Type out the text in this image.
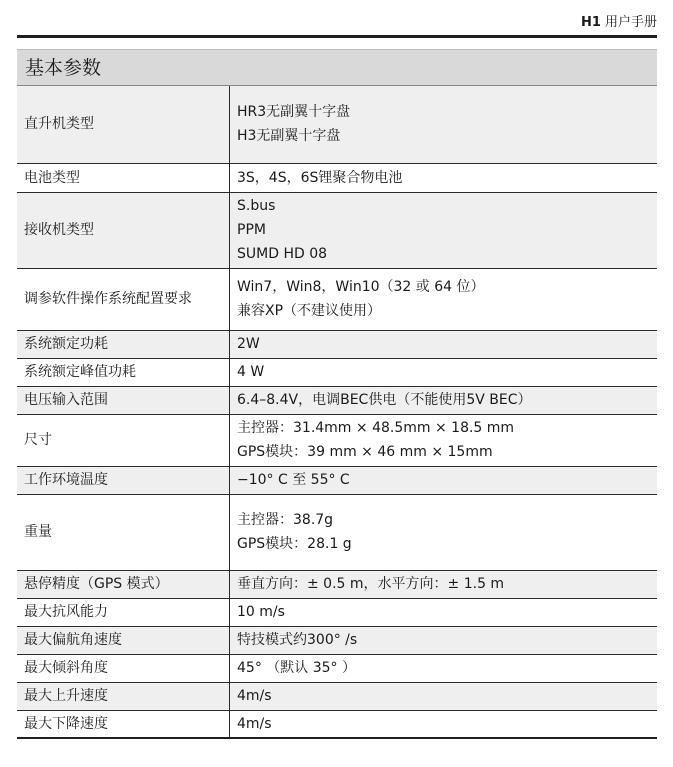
H1 用户手册
基本参数
直升机类型	HR3无副翼十字盘
H3无副翼十字盘

电池类型	3S，4S，6S锂聚合物电池

接收机类型	S.bus
PPM
SUMD HD 08

调参软件操作系统配置要求	Win7，Win8，Win10（32 或 64 位）
兼容XP（不建议使用）

系统额定功耗	2W

系统额定峰值功耗	4 W

电压输入范围	6.4–8.4V，电调BEC供电（不能使用5V BEC）

尺寸	主控器：31.4mm × 48.5mm × 18.5 mm
GPS模块：39 mm × 46 mm × 15mm

工作环境温度	−10° C 至 55° C

重量	主控器：38.7g
GPS模块：28.1 g

悬停精度（GPS 模式）	垂直方向：± 0.5 m，水平方向：± 1.5 m

最大抗风能力	10 m/s

最大偏航角速度	特技模式约300° /s

最大倾斜角度	45° （默认 35° ）

最大上升速度	4m/s

最大下降速度	4m/s
